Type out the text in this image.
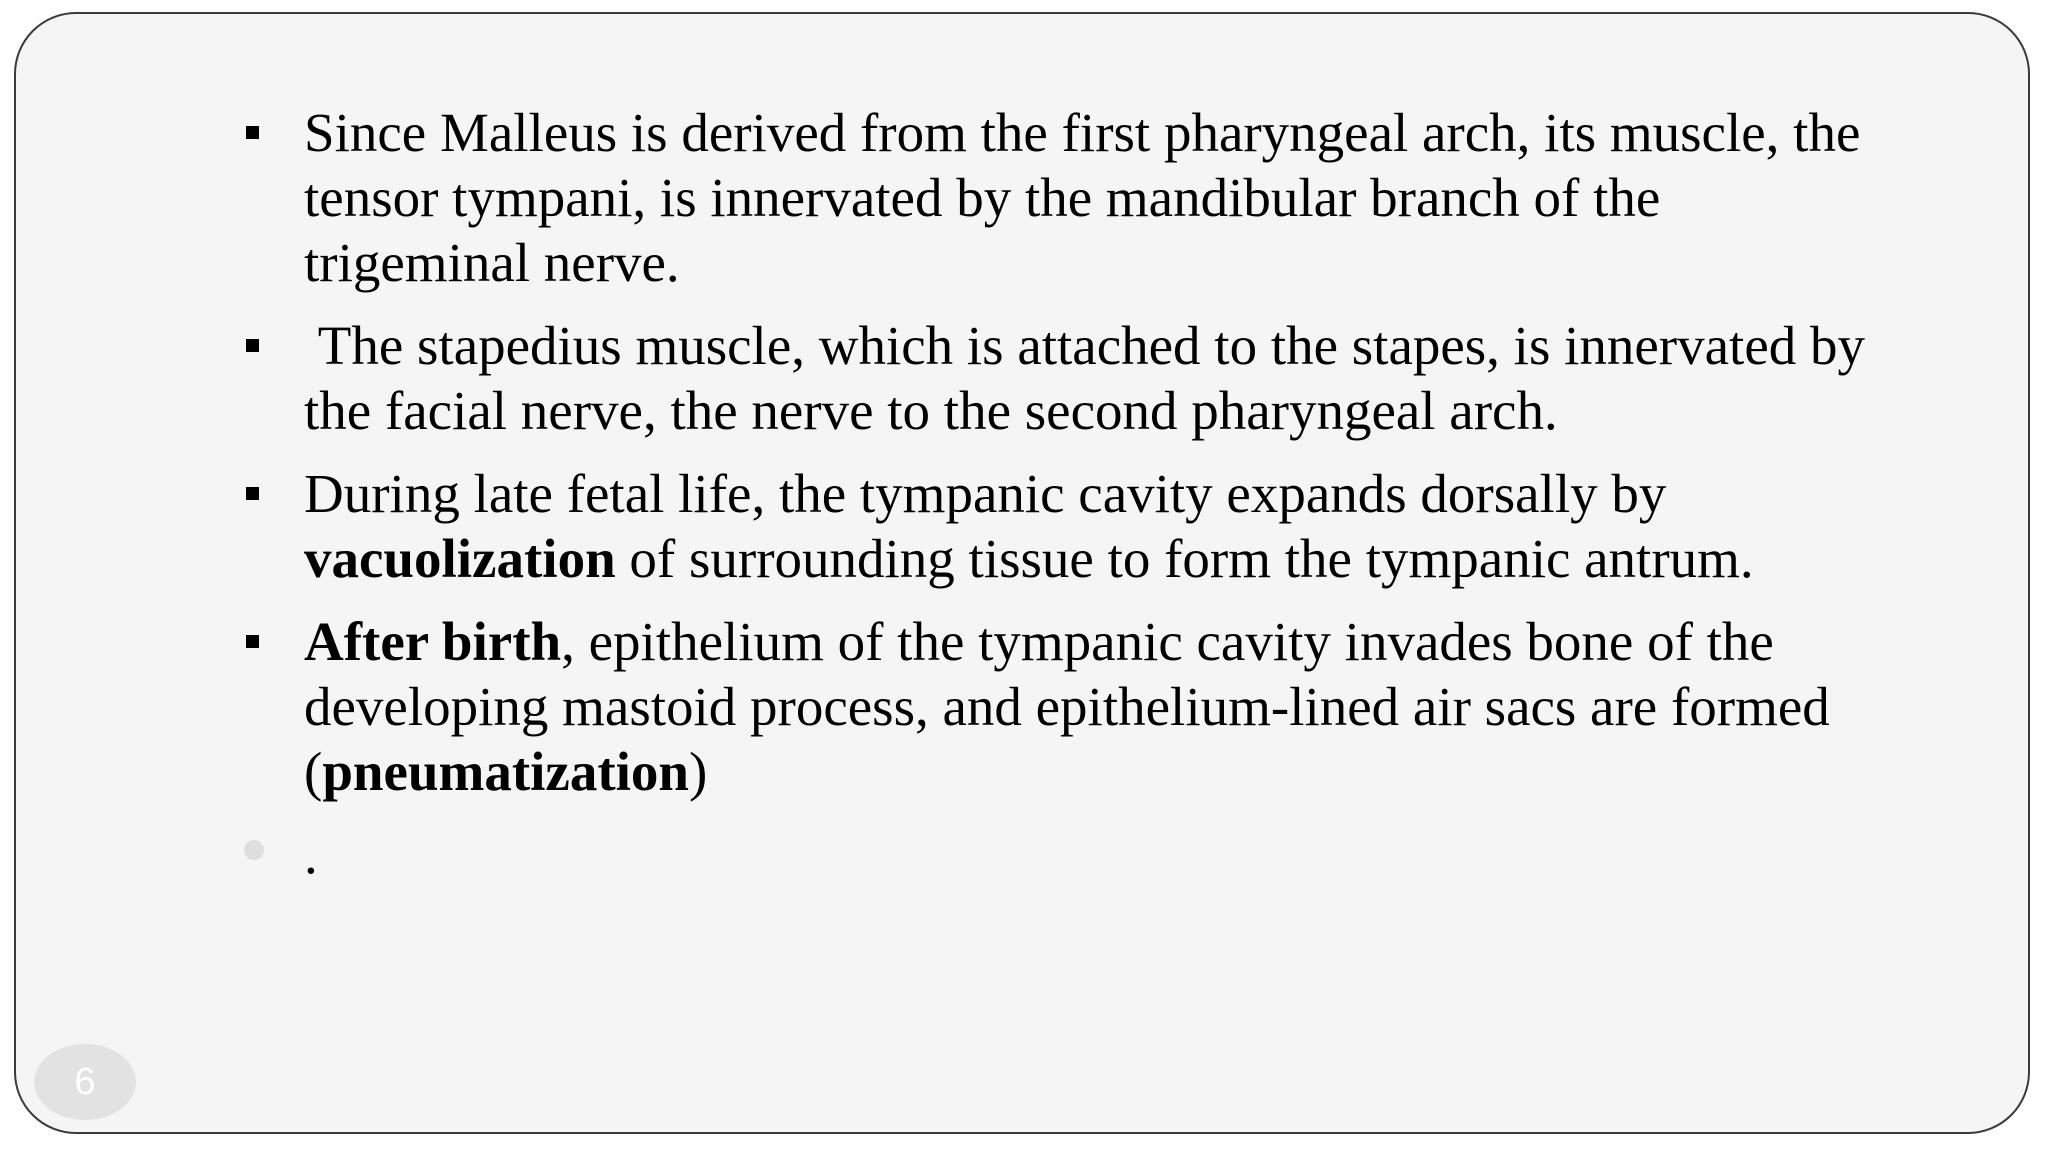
Since Malleus is derived from the first pharyngeal arch, its muscle, the tensor tympani, is innervated by the mandibular branch of the trigeminal nerve.
The stapedius muscle, which is attached to the stapes, is innervated by the facial nerve, the nerve to the second pharyngeal arch.
During late fetal life, the tympanic cavity expands dorsally by vacuolization of surrounding tissue to form the tympanic antrum.
After birth, epithelium of the tympanic cavity invades bone of the developing mastoid process, and epithelium-lined air sacs are formed (pneumatization)
.
6
